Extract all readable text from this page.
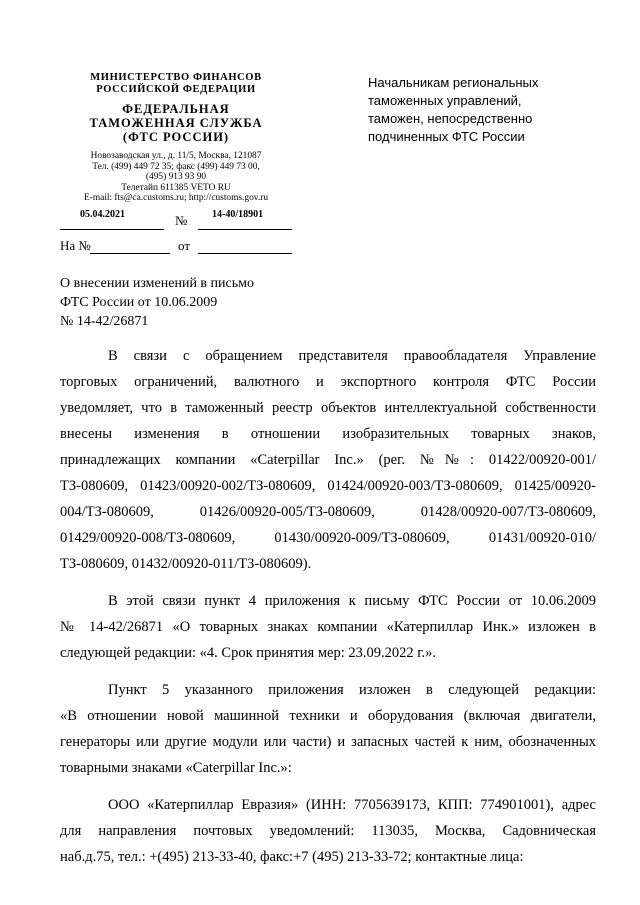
МИНИСТЕРСТВО ФИНАНСОВ
РОССИЙСКОЙ ФЕДЕРАЦИИ
ФЕДЕРАЛЬНАЯ
ТАМОЖЕННАЯ СЛУЖБА
(ФТС РОССИИ)
Новозаводская ул., д. 11/5, Москва, 121087
Тел. (499) 449 72 35; факс (499) 449 73 00,
(495) 913 93 90
Телетайп 611385 VETO RU
E-mail: fts@ca.customs.ru; http://customs.gov.ru
05.04.2021	№ 14-40/18901
На №	от
Начальникам региональных
таможенных управлений,
таможен, непосредственно
подчиненных ФТС России
О внесении изменений в письмо
ФТС России от 10.06.2009
№ 14-42/26871

В связи с обращением представителя правообладателя Управление

торговых ограничений, валютного и экспортного контроля ФТС России

уведомляет, что в таможенный реестр объектов интеллектуальной собственности

внесены изменения в отношении изобразительных товарных знаков,

принадлежащих компании «Caterpillar Inc.» (рег. №№: 01422/00920-001/

ТЗ-080609, 01423/00920-002/ТЗ-080609, 01424/00920-003/ТЗ-080609, 01425/00920-

004/ТЗ-080609, 01426/00920-005/ТЗ-080609, 01428/00920-007/ТЗ-080609,

01429/00920-008/ТЗ-080609, 01430/00920-009/ТЗ-080609, 01431/00920-010/

ТЗ-080609, 01432/00920-011/ТЗ-080609).

В этой связи пункт 4 приложения к письму ФТС России от 10.06.2009

№ 14-42/26871 «О товарных знаках компании «Катерпиллар Инк.» изложен в

следующей редакции: «4. Срок принятия мер: 23.09.2022 г.».

Пункт 5 указанного приложения изложен в следующей редакции:

«В отношении новой машинной техники и оборудования (включая двигатели,

генераторы или другие модули или части) и запасных частей к ним, обозначенных

товарными знаками «Caterpillar Inc.»:

ООО «Катерпиллар Евразия» (ИНН: 7705639173, КПП: 774901001), адрес

для направления почтовых уведомлений: 113035, Москва, Садовническая

наб.д.75, тел.: +(495) 213-33-40, факс:+7 (495) 213-33-72; контактные лица:
